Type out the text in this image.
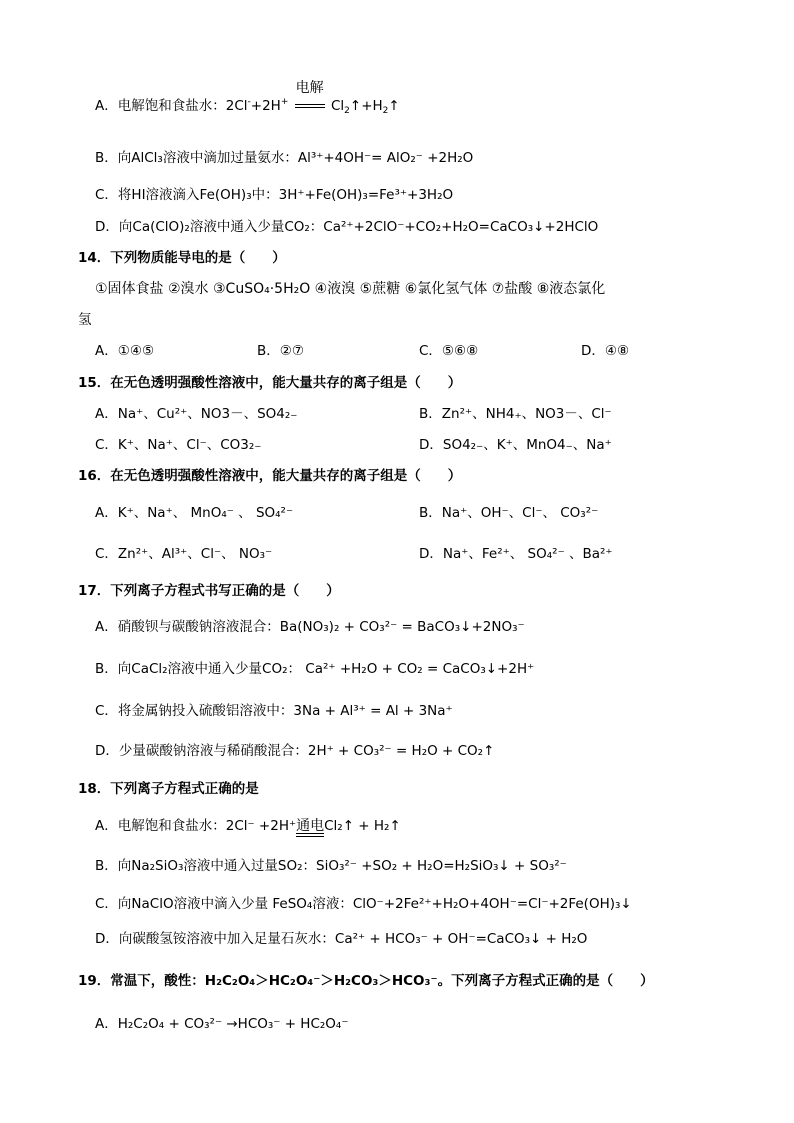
A．电解饱和食盐水：2Cl-+2H+
电解
$Cl_2↑+H_2↑$
B．向AlCl₃溶液中滴加过量氨水：Al³⁺+4OH⁻= AlO₂⁻ +2H₂O
C．将HI溶液滴入Fe(OH)₃中：3H⁺+Fe(OH)₃=Fe³⁺+3H₂O
D．向Ca(ClO)₂溶液中通入少量CO₂：Ca²⁺+2ClO⁻+CO₂+H₂O=CaCO₃↓+2HClO
14．下列物质能导电的是（　　）
①固体食盐 ②溴水 ③CuSO₄·5H₂O ④液溴 ⑤蔗糖 ⑥氯化氢气体 ⑦盐酸 ⑧液态氯化
氢
A．①④⑤	B．②⑦	C．⑤⑥⑧	D．④⑧
15．在无色透明强酸性溶液中，能大量共存的离子组是（　　）
A．Na⁺、Cu²⁺、NO3－、SO4₂₋	B．Zn²⁺、NH4₊、NO3－、Cl⁻
C．K⁺、Na⁺、Cl⁻、CO3₂₋	D．SO4₂₋、K⁺、MnO4₋、Na⁺
16．在无色透明强酸性溶液中，能大量共存的离子组是（　　）
A．K⁺、Na⁺、 MnO₄⁻ 、 SO₄²⁻	B．Na⁺、OH⁻、Cl⁻、 CO₃²⁻
C．Zn²⁺、Al³⁺、Cl⁻、 NO₃⁻	D．Na⁺、Fe²⁺、 SO₄²⁻ 、Ba²⁺
17．下列离子方程式书写正确的是（　　）
A．硝酸钡与碳酸钠溶液混合：Ba(NO₃)₂ + CO₃²⁻ = BaCO₃↓+2NO₃⁻
B．向CaCl₂溶液中通入少量CO₂： Ca²⁺ +H₂O + CO₂ = CaCO₃↓+2H⁺
C．将金属钠投入硫酸铝溶液中：3Na + Al³⁺ = Al + 3Na⁺
D．少量碳酸钠溶液与稀硝酸混合：2H⁺ + CO₃²⁻ = H₂O + CO₂↑
18．下列离子方程式正确的是
A．电解饱和食盐水：2Cl⁻ +2H⁺通电
Cl₂↑ + H₂↑
B．向Na₂SiO₃溶液中通入过量SO₂：SiO₃²⁻ +SO₂ + H₂O=H₂SiO₃↓ + SO₃²⁻
C．向NaClO溶液中滴入少量 FeSO₄溶液：ClO⁻+2Fe²⁺+H₂O+4OH⁻=Cl⁻+2Fe(OH)₃↓
D．向碳酸氢铵溶液中加入足量石灰水：Ca²⁺ + HCO₃⁻ + OH⁻=CaCO₃↓ + H₂O
19．常温下，酸性：H₂C₂O₄＞HC₂O₄⁻＞H₂CO₃＞HCO₃⁻。下列离子方程式正确的是（　　）
A．H₂C₂O₄ + CO₃²⁻ →HCO₃⁻ + HC₂O₄⁻
